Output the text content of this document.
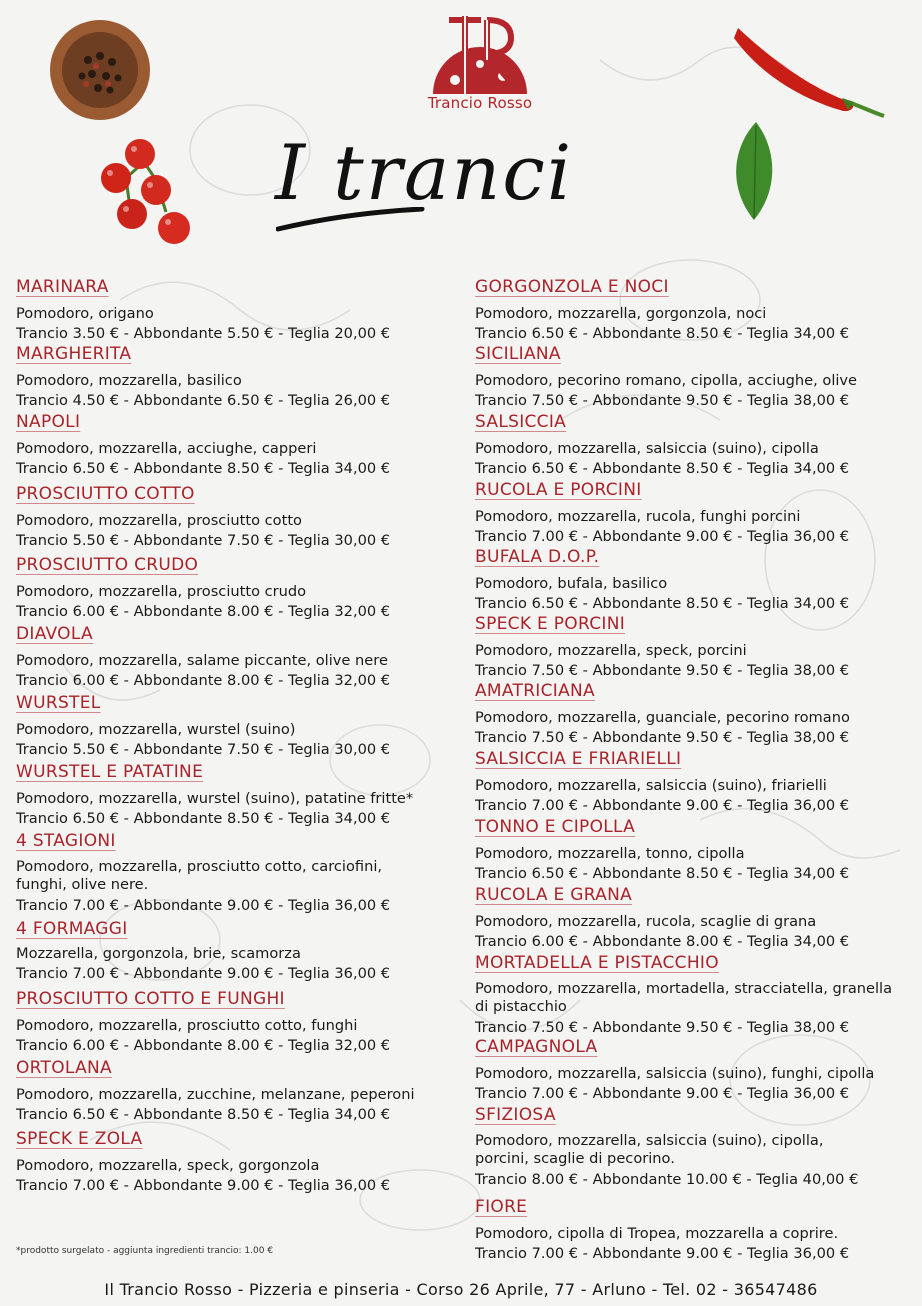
Trancio Rosso
I tranci
MARINARA
Pomodoro, origano
Trancio 3.50 € - Abbondante 5.50 € - Teglia 20,00 €
MARGHERITA
Pomodoro, mozzarella, basilico
Trancio 4.50 € - Abbondante 6.50 € - Teglia 26,00 €
NAPOLI
Pomodoro, mozzarella, acciughe, capperi
Trancio 6.50 € - Abbondante 8.50 € - Teglia 34,00 €
PROSCIUTTO COTTO
Pomodoro, mozzarella, prosciutto cotto
Trancio 5.50 € - Abbondante 7.50 € - Teglia 30,00 €
PROSCIUTTO CRUDO
Pomodoro, mozzarella, prosciutto crudo
Trancio 6.00 € - Abbondante 8.00 € - Teglia 32,00 €
DIAVOLA
Pomodoro, mozzarella, salame piccante, olive nere
Trancio 6.00 € - Abbondante 8.00 € - Teglia 32,00 €
WURSTEL
Pomodoro, mozzarella, wurstel (suino)
Trancio 5.50 € - Abbondante 7.50 € - Teglia 30,00 €
WURSTEL E PATATINE
Pomodoro, mozzarella, wurstel (suino), patatine fritte*
Trancio 6.50 € - Abbondante 8.50 € - Teglia 34,00 €
4 STAGIONI
Pomodoro, mozzarella, prosciutto cotto, carciofini, funghi, olive nere.
Trancio 7.00 € - Abbondante 9.00 € - Teglia 36,00 €
4 FORMAGGI
Mozzarella, gorgonzola, brie, scamorza
Trancio 7.00 € - Abbondante 9.00 € - Teglia 36,00 €
PROSCIUTTO COTTO E FUNGHI
Pomodoro, mozzarella, prosciutto cotto, funghi
Trancio 6.00 € - Abbondante 8.00 € - Teglia 32,00 €
ORTOLANA
Pomodoro, mozzarella, zucchine, melanzane, peperoni
Trancio 6.50 € - Abbondante 8.50 € - Teglia 34,00 €
SPECK E ZOLA
Pomodoro, mozzarella, speck, gorgonzola
Trancio 7.00 € - Abbondante 9.00 € - Teglia 36,00 €
GORGONZOLA E NOCI
Pomodoro, mozzarella, gorgonzola, noci
Trancio 6.50 € - Abbondante 8.50 € - Teglia 34,00 €
SICILIANA
Pomodoro, pecorino romano, cipolla, acciughe, olive
Trancio 7.50 € - Abbondante 9.50 € - Teglia 38,00 €
SALSICCIA
Pomodoro, mozzarella, salsiccia (suino), cipolla
Trancio 6.50 € - Abbondante 8.50 € - Teglia 34,00 €
RUCOLA E PORCINI
Pomodoro, mozzarella, rucola, funghi porcini
Trancio 7.00 € - Abbondante 9.00 € - Teglia 36,00 €
BUFALA D.O.P.
Pomodoro, bufala, basilico
Trancio 6.50 € - Abbondante 8.50 € - Teglia 34,00 €
SPECK E PORCINI
Pomodoro, mozzarella, speck, porcini
Trancio 7.50 € - Abbondante 9.50 € - Teglia 38,00 €
AMATRICIANA
Pomodoro, mozzarella, guanciale, pecorino romano
Trancio 7.50 € - Abbondante 9.50 € - Teglia 38,00 €
SALSICCIA E FRIARIELLI
Pomodoro, mozzarella, salsiccia (suino), friarielli
Trancio 7.00 € - Abbondante 9.00 € - Teglia 36,00 €
TONNO E CIPOLLA
Pomodoro, mozzarella, tonno, cipolla
Trancio 6.50 € - Abbondante 8.50 € - Teglia 34,00 €
RUCOLA E GRANA
Pomodoro, mozzarella, rucola, scaglie di grana
Trancio 6.00 € - Abbondante 8.00 € - Teglia 34,00 €
MORTADELLA E PISTACCHIO
Pomodoro, mozzarella, mortadella, stracciatella, granella di pistacchio
Trancio 7.50 € - Abbondante 9.50 € - Teglia 38,00 €
CAMPAGNOLA
Pomodoro, mozzarella, salsiccia (suino), funghi, cipolla
Trancio 7.00 € - Abbondante 9.00 € - Teglia 36,00 €
SFIZIOSA
Pomodoro, mozzarella, salsiccia (suino), cipolla, porcini, scaglie di pecorino.
Trancio 8.00 € - Abbondante 10.00 € - Teglia 40,00 €
FIORE
Pomodoro, cipolla di Tropea, mozzarella a coprire.
Trancio 7.00 € - Abbondante 9.00 € - Teglia 36,00 €
*prodotto surgelato - aggiunta ingredienti trancio: 1.00 €
Il Trancio Rosso - Pizzeria e pinseria - Corso 26 Aprile, 77 - Arluno - Tel. 02 - 36547486
